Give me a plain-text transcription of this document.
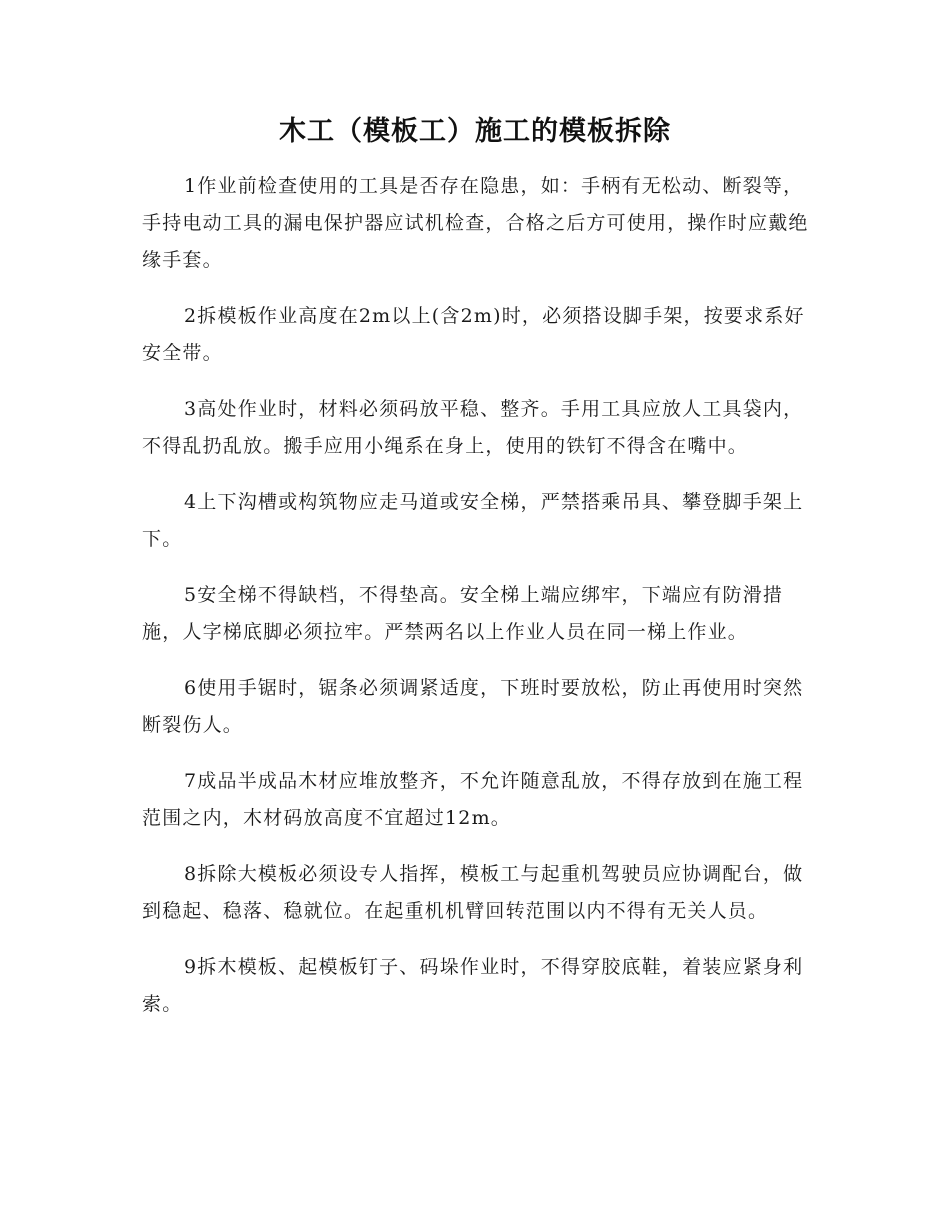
木工（模板工）施工的模板拆除

1作业前检查使用的工具是否存在隐患，如：手柄有无松动、断裂等，手持电动工具的漏电保护器应试机检查，合格之后方可使用，操作时应戴绝缘手套。

2拆模板作业高度在2m以上(含2m)时，必须搭设脚手架，按要求系好安全带。

3高处作业时，材料必须码放平稳、整齐。手用工具应放人工具袋内，不得乱扔乱放。搬手应用小绳系在身上，使用的铁钉不得含在嘴中。

4上下沟槽或构筑物应走马道或安全梯，严禁搭乘吊具、攀登脚手架上下。

5安全梯不得缺档，不得垫高。安全梯上端应绑牢，下端应有防滑措施，人字梯底脚必须拉牢。严禁两名以上作业人员在同一梯上作业。

6使用手锯时，锯条必须调紧适度，下班时要放松，防止再使用时突然断裂伤人。

7成品半成品木材应堆放整齐，不允许随意乱放，不得存放到在施工程范围之内，木材码放高度不宜超过12m。

8拆除大模板必须设专人指挥，模板工与起重机驾驶员应协调配台，做到稳起、稳落、稳就位。在起重机机臂回转范围以内不得有无关人员。

9拆木模板、起模板钉子、码垛作业时，不得穿胶底鞋，着装应紧身利索。
